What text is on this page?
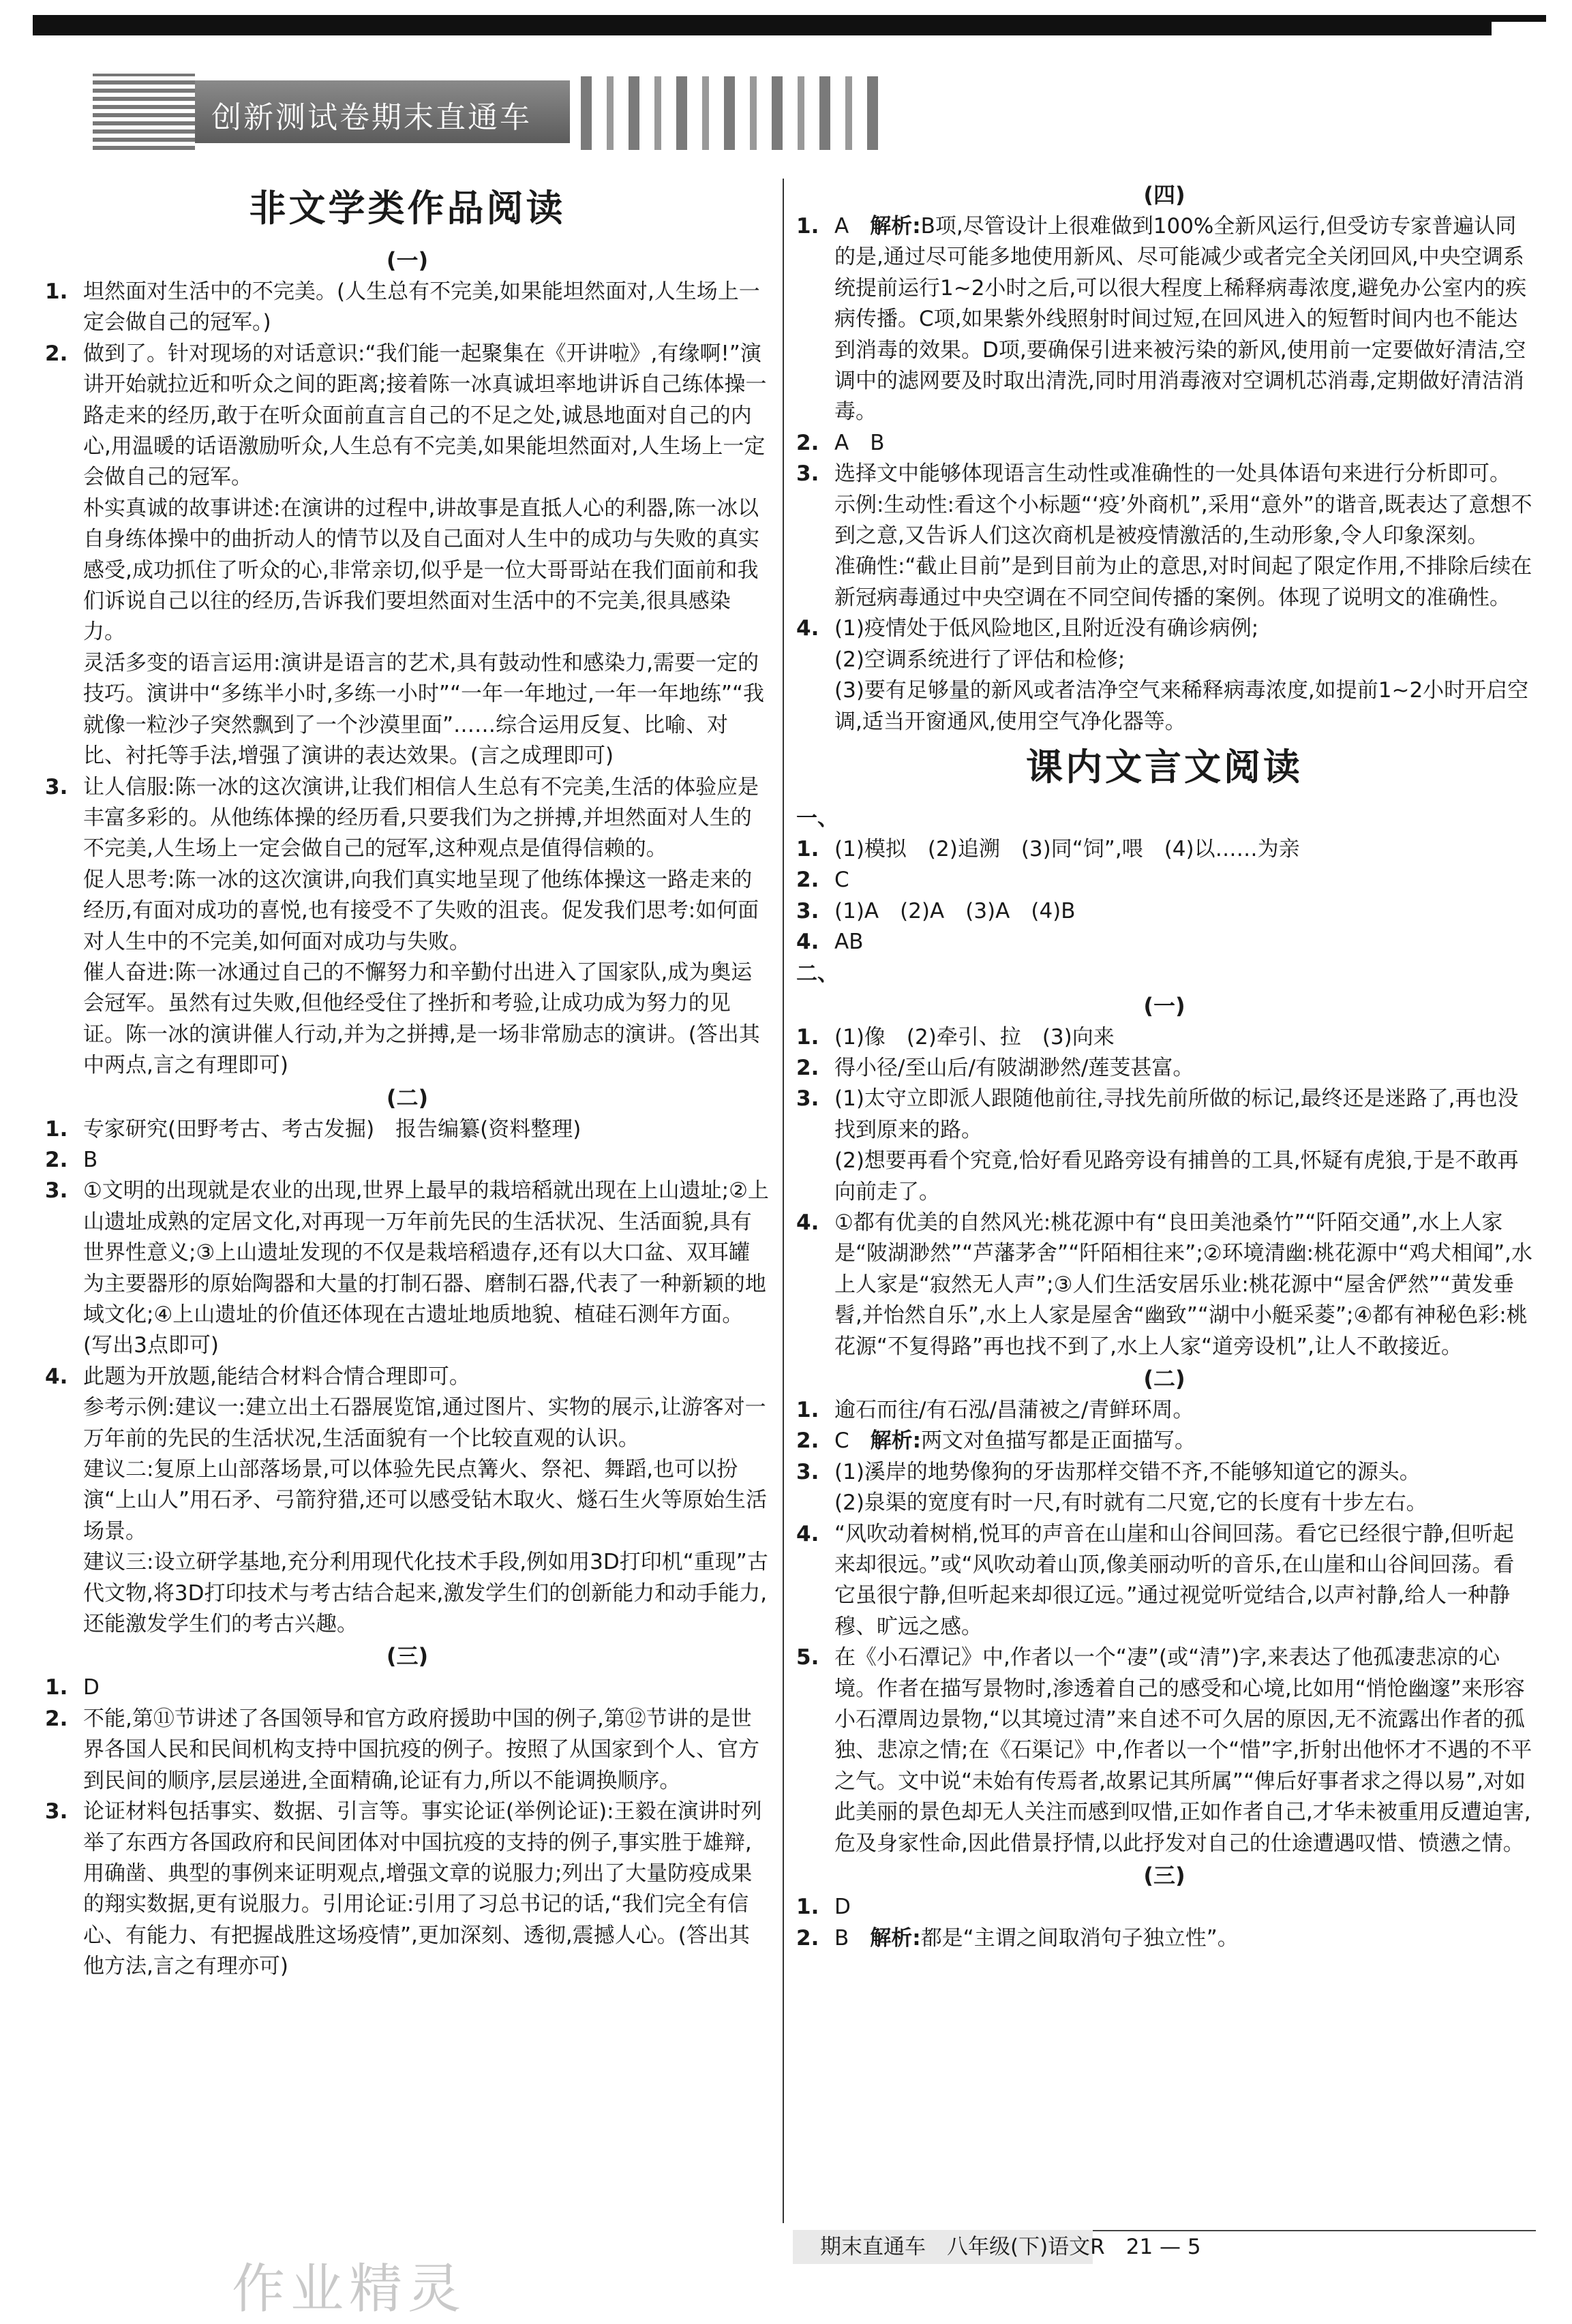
创新测试卷期末直通车
非文学类作品阅读
(一)

1. 坦然面对生活中的不完美。(人生总有不完美,如果能坦然面对,人生场上一定会做自己的冠军。)

2. 做到了。针对现场的对话意识:“我们能一起聚集在《开讲啦》,有缘啊!”演讲开始就拉近和听众之间的距离;接着陈一冰真诚坦率地讲诉自己练体操一路走来的经历,敢于在听众面前直言自己的不足之处,诚恳地面对自己的内心,用温暖的话语激励听众,人生总有不完美,如果能坦然面对,人生场上一定会做自己的冠军。

朴实真诚的故事讲述:在演讲的过程中,讲故事是直抵人心的利器,陈一冰以自身练体操中的曲折动人的情节以及自己面对人生中的成功与失败的真实感受,成功抓住了听众的心,非常亲切,似乎是一位大哥哥站在我们面前和我们诉说自己以往的经历,告诉我们要坦然面对生活中的不完美,很具感染力。

灵活多变的语言运用:演讲是语言的艺术,具有鼓动性和感染力,需要一定的技巧。演讲中“多练半小时,多练一小时”“一年一年地过,一年一年地练”“我就像一粒沙子突然飘到了一个沙漠里面”……综合运用反复、比喻、对比、衬托等手法,增强了演讲的表达效果。(言之成理即可)

3. 让人信服:陈一冰的这次演讲,让我们相信人生总有不完美,生活的体验应是丰富多彩的。从他练体操的经历看,只要我们为之拼搏,并坦然面对人生的不完美,人生场上一定会做自己的冠军,这种观点是值得信赖的。

促人思考:陈一冰的这次演讲,向我们真实地呈现了他练体操这一路走来的经历,有面对成功的喜悦,也有接受不了失败的沮丧。促发我们思考:如何面对人生中的不完美,如何面对成功与失败。

催人奋进:陈一冰通过自己的不懈努力和辛勤付出进入了国家队,成为奥运会冠军。虽然有过失败,但他经受住了挫折和考验,让成功成为努力的见证。陈一冰的演讲催人行动,并为之拼搏,是一场非常励志的演讲。(答出其中两点,言之有理即可)

(二)

1. 专家研究(田野考古、考古发掘)　报告编纂(资料整理)

2. B

3. ①文明的出现就是农业的出现,世界上最早的栽培稻就出现在上山遗址;②上山遗址成熟的定居文化,对再现一万年前先民的生活状况、生活面貌,具有世界性意义;③上山遗址发现的不仅是栽培稻遗存,还有以大口盆、双耳罐为主要器形的原始陶器和大量的打制石器、磨制石器,代表了一种新颖的地域文化;④上山遗址的价值还体现在古遗址地质地貌、植硅石测年方面。(写出3点即可)

4. 此题为开放题,能结合材料合情合理即可。

参考示例:建议一:建立出土石器展览馆,通过图片、实物的展示,让游客对一万年前的先民的生活状况,生活面貌有一个比较直观的认识。

建议二:复原上山部落场景,可以体验先民点篝火、祭祀、舞蹈,也可以扮演“上山人”用石矛、弓箭狩猎,还可以感受钻木取火、燧石生火等原始生活场景。

建议三:设立研学基地,充分利用现代化技术手段,例如用3D打印机“重现”古代文物,将3D打印技术与考古结合起来,激发学生们的创新能力和动手能力,还能激发学生们的考古兴趣。

(三)

1. D

2. 不能,第⑪节讲述了各国领导和官方政府援助中国的例子,第⑫节讲的是世界各国人民和民间机构支持中国抗疫的例子。按照了从国家到个人、官方到民间的顺序,层层递进,全面精确,论证有力,所以不能调换顺序。

3. 论证材料包括事实、数据、引言等。事实论证(举例论证):王毅在演讲时列举了东西方各国政府和民间团体对中国抗疫的支持的例子,事实胜于雄辩,用确凿、典型的事例来证明观点,增强文章的说服力;列出了大量防疫成果的翔实数据,更有说服力。引用论证:引用了习总书记的话,“我们完全有信心、有能力、有把握战胜这场疫情”,更加深刻、透彻,震撼人心。(答出其他方法,言之有理亦可)

(四)

1. A　 解析:B项,尽管设计上很难做到100%全新风运行,但受访专家普遍认同的是,通过尽可能多地使用新风、尽可能减少或者完全关闭回风,中央空调系统提前运行1~2小时之后,可以很大程度上稀释病毒浓度,避免办公室内的疾病传播。C项,如果紫外线照射时间过短,在回风进入的短暂时间内也不能达到消毒的效果。D项,要确保引进来被污染的新风,使用前一定要做好清洁,空调中的滤网要及时取出清洗,同时用消毒液对空调机芯消毒,定期做好清洁消毒。

2. A　B

3. 选择文中能够体现语言生动性或准确性的一处具体语句来进行分析即可。

示例:生动性:看这个小标题“‘疫’外商机”,采用“意外”的谐音,既表达了意想不到之意,又告诉人们这次商机是被疫情激活的,生动形象,令人印象深刻。

准确性:“截止目前”是到目前为止的意思,对时间起了限定作用,不排除后续在新冠病毒通过中央空调在不同空间传播的案例。体现了说明文的准确性。

4. (1)疫情处于低风险地区,且附近没有确诊病例;

(2)空调系统进行了评估和检修;

(3)要有足够量的新风或者洁净空气来稀释病毒浓度,如提前1~2小时开启空调,适当开窗通风,使用空气净化器等。

课内文言文阅读
一、

1. (1)模拟　(2)追溯　(3)同“饲”,喂　(4)以……为亲

2. C

3. (1)A　(2)A　(3)A　(4)B

4. AB

二、
(一)

1. (1)像　(2)牵引、拉　(3)向来

2. 得小径/至山后/有陂湖渺然/莲芰甚富。

3. (1)太守立即派人跟随他前往,寻找先前所做的标记,最终还是迷路了,再也没找到原来的路。

(2)想要再看个究竟,恰好看见路旁设有捕兽的工具,怀疑有虎狼,于是不敢再向前走了。

4. ①都有优美的自然风光:桃花源中有“良田美池桑竹”“阡陌交通”,水上人家是“陂湖渺然”“芦藩茅舍”“阡陌相往来”;②环境清幽:桃花源中“鸡犬相闻”,水上人家是“寂然无人声”;③人们生活安居乐业:桃花源中“屋舍俨然”“黄发垂髫,并怡然自乐”,水上人家是屋舍“幽致”“湖中小艇采菱”;④都有神秘色彩:桃花源“不复得路”再也找不到了,水上人家“道旁设机”,让人不敢接近。

(二)

1. 逾石而往/有石泓/昌蒲被之/青鲜环周。

2. C　 解析:两文对鱼描写都是正面描写。

3. (1)溪岸的地势像狗的牙齿那样交错不齐,不能够知道它的源头。

(2)泉渠的宽度有时一尺,有时就有二尺宽,它的长度有十步左右。

4. “风吹动着树梢,悦耳的声音在山崖和山谷间回荡。看它已经很宁静,但听起来却很远。”或“风吹动着山顶,像美丽动听的音乐,在山崖和山谷间回荡。看它虽很宁静,但听起来却很辽远。”通过视觉听觉结合,以声衬静,给人一种静穆、旷远之感。

5. 在《小石潭记》中,作者以一个“凄”(或“清”)字,来表达了他孤凄悲凉的心境。作者在描写景物时,渗透着自己的感受和心境,比如用“悄怆幽邃”来形容小石潭周边景物,“以其境过清”来自述不可久居的原因,无不流露出作者的孤独、悲凉之情;在《石渠记》中,作者以一个“惜”字,折射出他怀才不遇的不平之气。文中说“未始有传焉者,故累记其所属”“俾后好事者求之得以易”,对如此美丽的景色却无人关注而感到叹惜,正如作者自己,才华未被重用反遭迫害,危及身家性命,因此借景抒情,以此抒发对自己的仕途遭遇叹惜、愤懑之情。

(三)

1. D

2. B　 解析:都是“主谓之间取消句子独立性”。

期末直通车　八年级(下)语文R　21 — 5
作业精灵
